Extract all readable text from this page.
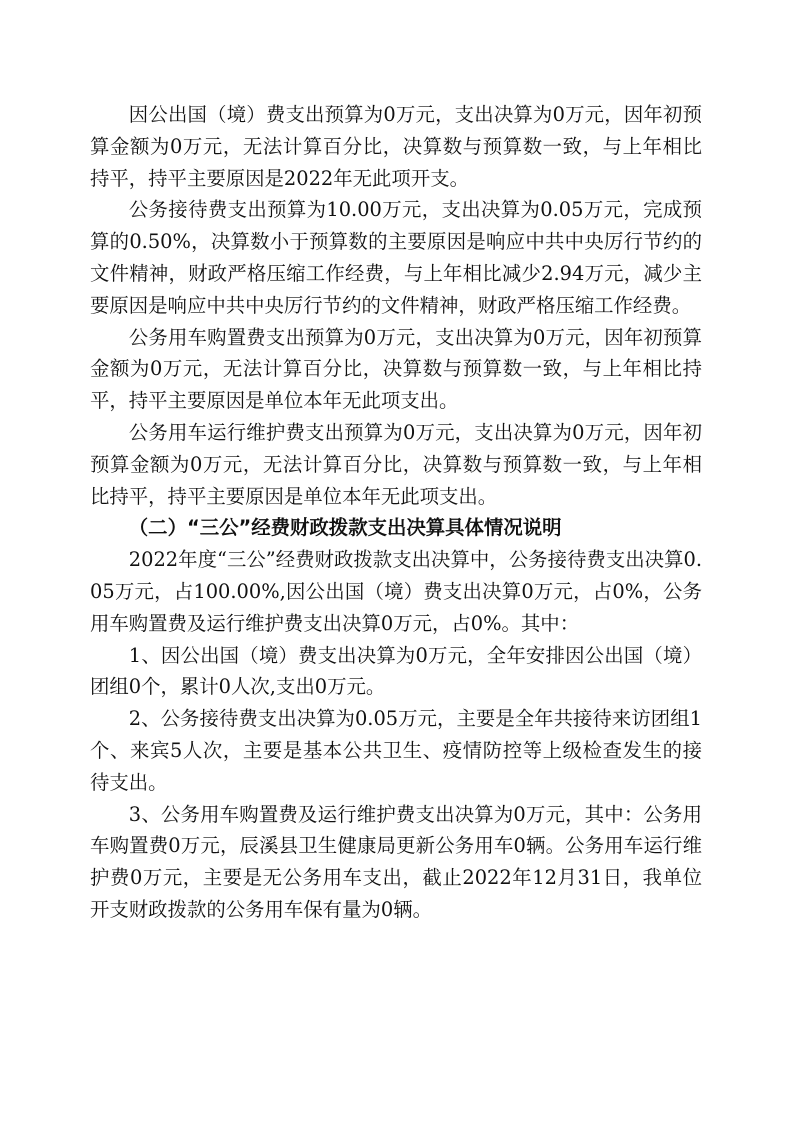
因公出国（境）费支出预算为0万元，支出决算为0万元，因年初预算金额为0万元，无法计算百分比，决算数与预算数一致，与上年相比持平，持平主要原因是2022年无此项开支。

公务接待费支出预算为10.00万元，支出决算为0.05万元，完成预算的0.50%，决算数小于预算数的主要原因是响应中共中央厉行节约的文件精神，财政严格压缩工作经费，与上年相比减少2.94万元，减少主要原因是响应中共中央厉行节约的文件精神，财政严格压缩工作经费。

公务用车购置费支出预算为0万元，支出决算为0万元，因年初预算金额为0万元，无法计算百分比，决算数与预算数一致，与上年相比持平，持平主要原因是单位本年无此项支出。

公务用车运行维护费支出预算为0万元，支出决算为0万元，因年初预算金额为0万元，无法计算百分比，决算数与预算数一致，与上年相比持平，持平主要原因是单位本年无此项支出。

（二）“三公”经费财政拨款支出决算具体情况说明

2022年度“三公”经费财政拨款支出决算中，公务接待费支出决算0.05万元，占100.00%,因公出国（境）费支出决算0万元，占0%，公务用车购置费及运行维护费支出决算0万元，占0%。其中：

1、因公出国（境）费支出决算为0万元，全年安排因公出国（境）团组0个，累计0人次,支出0万元。

2、公务接待费支出决算为0.05万元，主要是全年共接待来访团组1个、来宾5人次，主要是基本公共卫生、疫情防控等上级检查发生的接待支出。

3、公务用车购置费及运行维护费支出决算为0万元，其中：公务用车购置费0万元，辰溪县卫生健康局更新公务用车0辆。公务用车运行维护费0万元，主要是无公务用车支出，截止2022年12月31日，我单位开支财政拨款的公务用车保有量为0辆。
